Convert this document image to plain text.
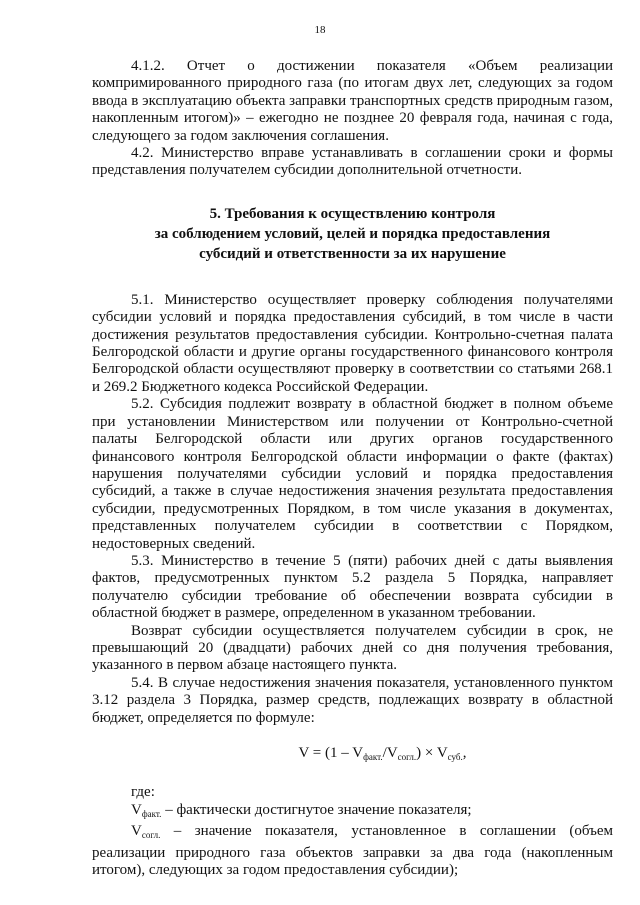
18

4.1.2. Отчет о достижении показателя «Объем реализации компримированного природного газа (по итогам двух лет, следующих за годом ввода в эксплуатацию объекта заправки транспортных средств природным газом, накопленным итогом)» – ежегодно не позднее 20 февраля года, начиная с года, следующего за годом заключения соглашения.

4.2. Министерство вправе устанавливать в соглашении сроки и формы представления получателем субсидии дополнительной отчетности.

5. Требования к осуществлению контроля
за соблюдением условий, целей и порядка предоставления
субсидий и ответственности за их нарушение

5.1. Министерство осуществляет проверку соблюдения получателями субсидии условий и порядка предоставления субсидий, в том числе в части достижения результатов предоставления субсидии. Контрольно-счетная палата Белгородской области и другие органы государственного финансового контроля Белгородской области осуществляют проверку в соответствии со статьями 268.1 и 269.2 Бюджетного кодекса Российской Федерации.

5.2. Субсидия подлежит возврату в областной бюджет в полном объеме при установлении Министерством или получении от Контрольно-счетной палаты Белгородской области или других органов государственного финансового контроля Белгородской области информации о факте (фактах) нарушения получателями субсидии условий и порядка предоставления субсидий, а также в случае недостижения значения результата предоставления субсидии, предусмотренных Порядком, в том числе указания в документах, представленных получателем субсидии в соответствии с Порядком, недостоверных сведений.

5.3. Министерство в течение 5 (пяти) рабочих дней с даты выявления фактов, предусмотренных пунктом 5.2 раздела 5 Порядка, направляет получателю субсидии требование об обеспечении возврата субсидии в областной бюджет в размере, определенном в указанном требовании.

Возврат субсидии осуществляется получателем субсидии в срок, не превышающий 20 (двадцати) рабочих дней со дня получения требования, указанного в первом абзаце настоящего пункта.

5.4. В случае недостижения значения показателя, установленного пунктом 3.12 раздела 3 Порядка, размер средств, подлежащих возврату в областной бюджет, определяется по формуле:

$V = (1 - V_{факт.}/V_{согл.}) \times V_{суб.}$,

где:

$V_{факт.}$ – фактически достигнутое значение показателя;

$V_{согл.}$ – значение показателя, установленное в соглашении (объем реализации природного газа объектов заправки за два года (накопленным итогом), следующих за годом предоставления субсидии);
